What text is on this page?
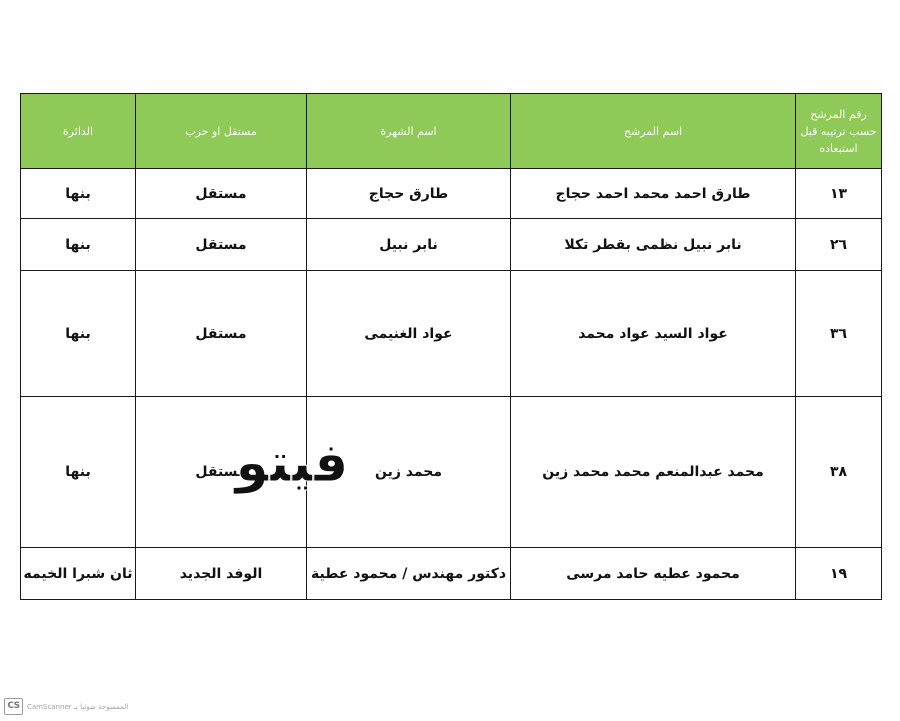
رقم المرشح حسب ترتيبه قبل استبعاده	اسم المرشح	اسم الشهرة	مستقل او حزب	الدائرة
١٣	طارق احمد محمد احمد حجاج	طارق حجاج	مستقل	بنها
٢٦	نابر نبيل نظمى بقطر تكلا	نابر نبيل	مستقل	بنها
٣٦	عواد السيد عواد محمد	عواد الغنيمى	مستقل	بنها
٣٨	محمد عبدالمنعم محمد محمد زين	محمد زين	مستقل	بنها
١٩	محمود عطيه حامد مرسى	دكتور مهندس / محمود عطية	الوفد الجديد	ثان شبرا الخيمه
فيتو
CS	CamScanner الممسوحة ضوئيا بـ
